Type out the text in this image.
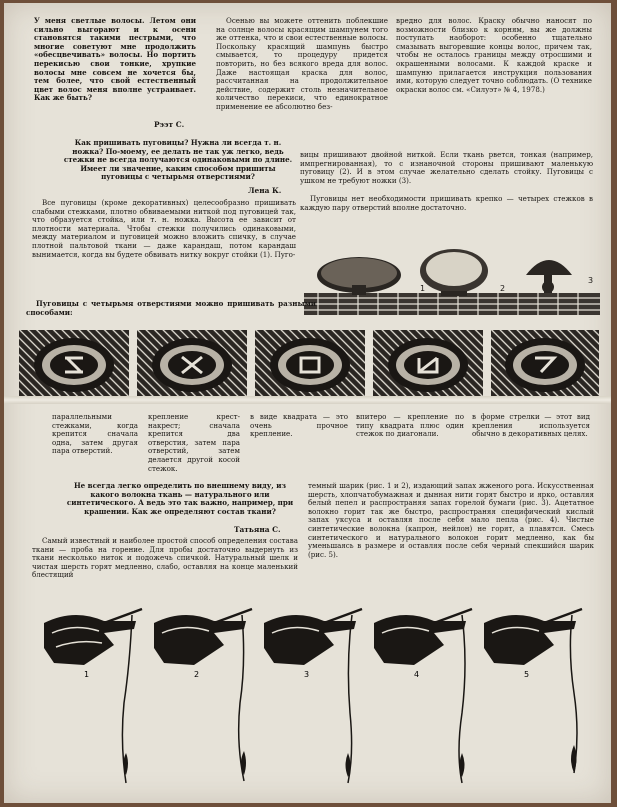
У меня светлые волосы. Летом они сильно выгорают и к осени становятся такими пестрыми, что многие советуют мне продолжить «обесцвечивать» волосы. Но портить перекисью свои тонкие, хрупкие волосы мне совсем не хочется бы, тем более, что свой естественный цвет волос меня вполне устраивает. Как же быть?
Рээт С.
Осенью вы можете оттенить поблекшие на солнце волосы красящим шампунем того же оттенка, что и свои естественные волосы. Поскольку красящий шампунь быстро смывается, то процедуру придется повторить, но без всякого вреда для волос. Даже настоящая краска для волос, рассчитанная на продолжительное действие, содержит столь незначительное количество перекиси, что единократное применение ее абсолютно без-
вредно для волос. Краску обычно наносят по возможности близко к корням, вы же должны поступать наоборот: особенно тщательно смазывать выгоревшие концы волос, причем так, чтобы не осталось границы между отросшими и окрашенными волосами. К каждой краске и шампуню прилагается инструкция пользования ими, которую следует точно соблюдать. (О технике окраски волос см. «Силуэт» № 4, 1978.)
Как пришивать пуговицы? Нужна ли всегда т. н. ножка? По-моему, ее делать не так уж легко, ведь стежки не всегда получаются одинаковыми по длине. Имеет ли значение, каким способом пришиты пуговицы с четырьмя отверстиями?
Лена К.
Все пуговицы (кроме декоративных) целесообразно пришивать слабыми стежками, плотно обвиваемыми ниткой под пуговицей так, что образуется стойка, или т. н. ножка. Высота ее зависит от плотности материала. Чтобы стежки получились одинаковыми, между материалом и пуговицей можно вложить спичку, в случае плотной пальтовой ткани — даже карандаш, потом карандаш вынимается, когда вы будете обвивать нитку вокруг стойки (1). Пуго-
вицы пришивают двойной ниткой. Если ткань рвется, тонкая (например, импрегнированная), то с изнаночной стороны пришивают маленькую пуговицу (2). И в этом случае желательно сделать стойку. Пуговицы с ушком не требуют ножки (3).
Пуговицы нет необходимости пришивать крепко — четырех стежков в каждую пару отверстий вполне достаточно.
1	2
3
Пуговицы с четырьмя отверстиями можно пришивать разными способами:
параллельными стежками, когда крепится сначала одна, затем другая пара отверстий.
крепление крест-накрест; сначала крепится два отверстия, затем пара отверстий, затем делается другой косой стежок.
в виде квадрата — это очень прочное крепление.
впитеро — крепление по типу квадрата плюс один стежок по диагонали.
в форме стрелки — этот вид крепления используется обычно в декоративных целях.
Не всегда легко определить по внешнему виду, из какого волокна ткань — натурального или синтетического. А ведь это так важно, например, при крашении. Как же определяют состав ткани?
Татьяна С.
Самый известный и наиболее простой способ определения состава ткани — проба на горение. Для пробы достаточно выдернуть из ткани несколько ниток и подожечь спичкой. Натуральный шелк и чистая шерсть горят медленно, слабо, оставляя на конце маленький блестящий
темный шарик (рис. 1 и 2), издающий запах жженого рога. Искусственная шерсть, хлопчатобумажная и дынная нити горят быстро и ярко, оставляя белый пепел и распространяя запах горелой бумаги (рис. 3). Ацетатное волокно горит так же быстро, распространяя специфический кислый запах уксуса и оставляя после себя мало пепла (рис. 4). Чистые синтетические волокна (капрон, нейлон) не горят, а плавятся. Смесь синтетического и натурального волокон горит медленно, как бы уменьшаясь в размере и оставляя после себя черный спекшийся шарик (рис. 5).
1	2	3	4	5
